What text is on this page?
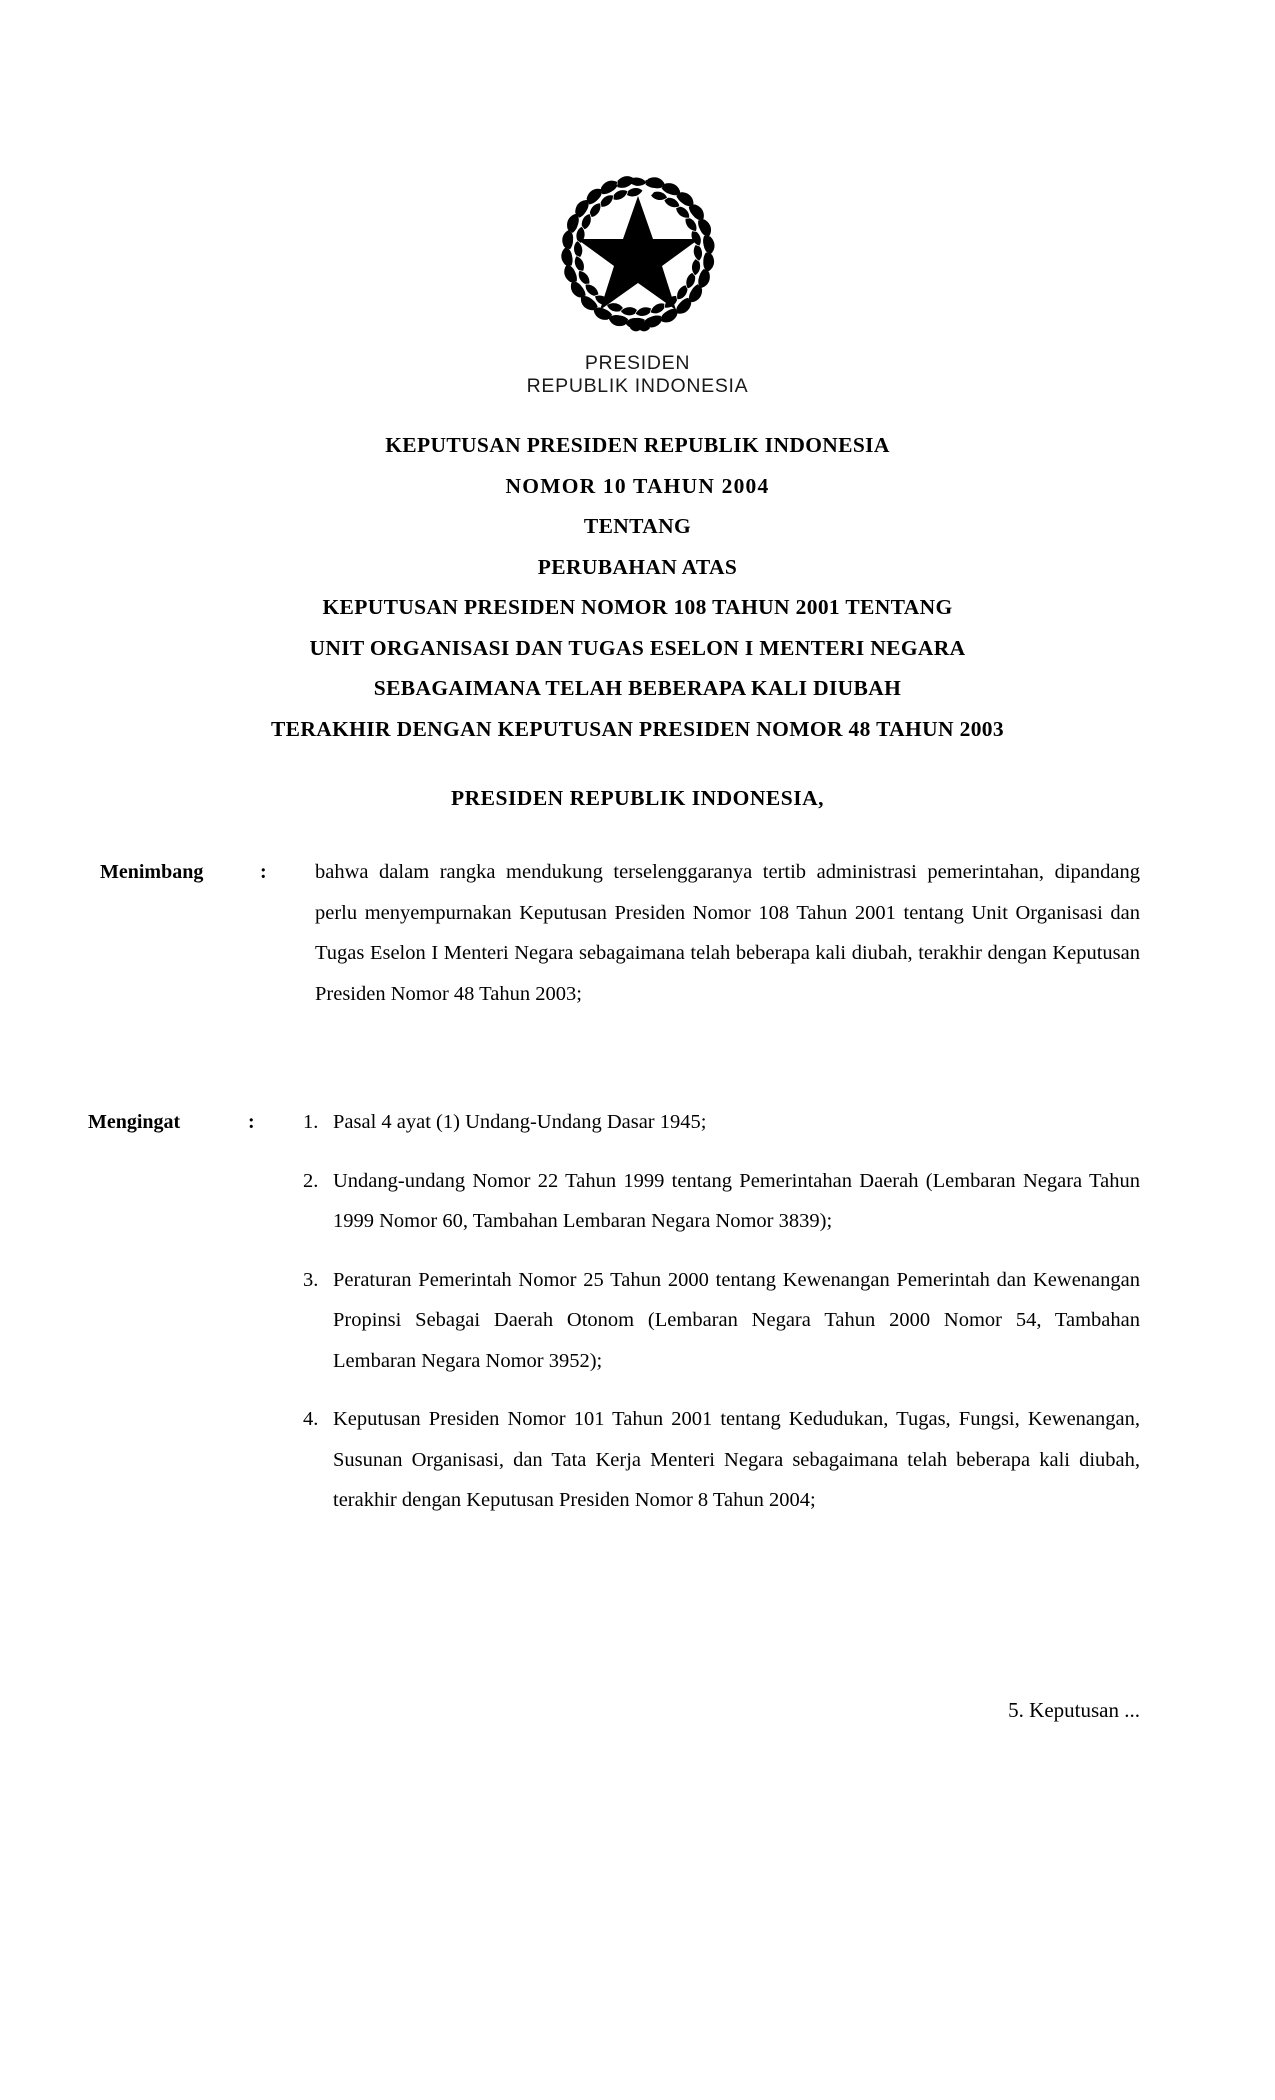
PRESIDEN
REPUBLIK INDONESIA
KEPUTUSAN PRESIDEN REPUBLIK INDONESIA
NOMOR 10 TAHUN 2004
TENTANG
PERUBAHAN ATAS
KEPUTUSAN PRESIDEN NOMOR 108 TAHUN 2001 TENTANG
UNIT ORGANISASI DAN TUGAS ESELON I MENTERI NEGARA
SEBAGAIMANA TELAH BEBERAPA KALI DIUBAH
TERAKHIR DENGAN KEPUTUSAN PRESIDEN NOMOR 48 TAHUN 2003
PRESIDEN REPUBLIK INDONESIA,
Menimbang	:	bahwa dalam rangka mendukung terselenggaranya tertib administrasi pemerintahan, dipandang perlu menyempurnakan Keputusan Presiden Nomor 108 Tahun 2001 tentang Unit Organisasi dan Tugas Eselon I Menteri Negara sebagaimana telah beberapa kali diubah, terakhir dengan Keputusan Presiden Nomor 48 Tahun 2003;

Mengingat	:	1. Pasal 4 ayat (1) Undang-Undang Dasar 1945;
2. Undang-undang Nomor 22 Tahun 1999 tentang Pemerintahan Daerah (Lembaran Negara Tahun 1999 Nomor 60, Tambahan Lembaran Negara Nomor 3839);
3. Peraturan Pemerintah Nomor 25 Tahun 2000 tentang Kewenangan Pemerintah dan Kewenangan Propinsi Sebagai Daerah Otonom (Lembaran Negara Tahun 2000 Nomor 54, Tambahan Lembaran Negara Nomor 3952);
4. Keputusan Presiden Nomor 101 Tahun 2001 tentang Kedudukan, Tugas, Fungsi, Kewenangan, Susunan Organisasi, dan Tata Kerja Menteri Negara sebagaimana telah beberapa kali diubah, terakhir dengan Keputusan Presiden Nomor 8 Tahun 2004;
5. Keputusan ...
